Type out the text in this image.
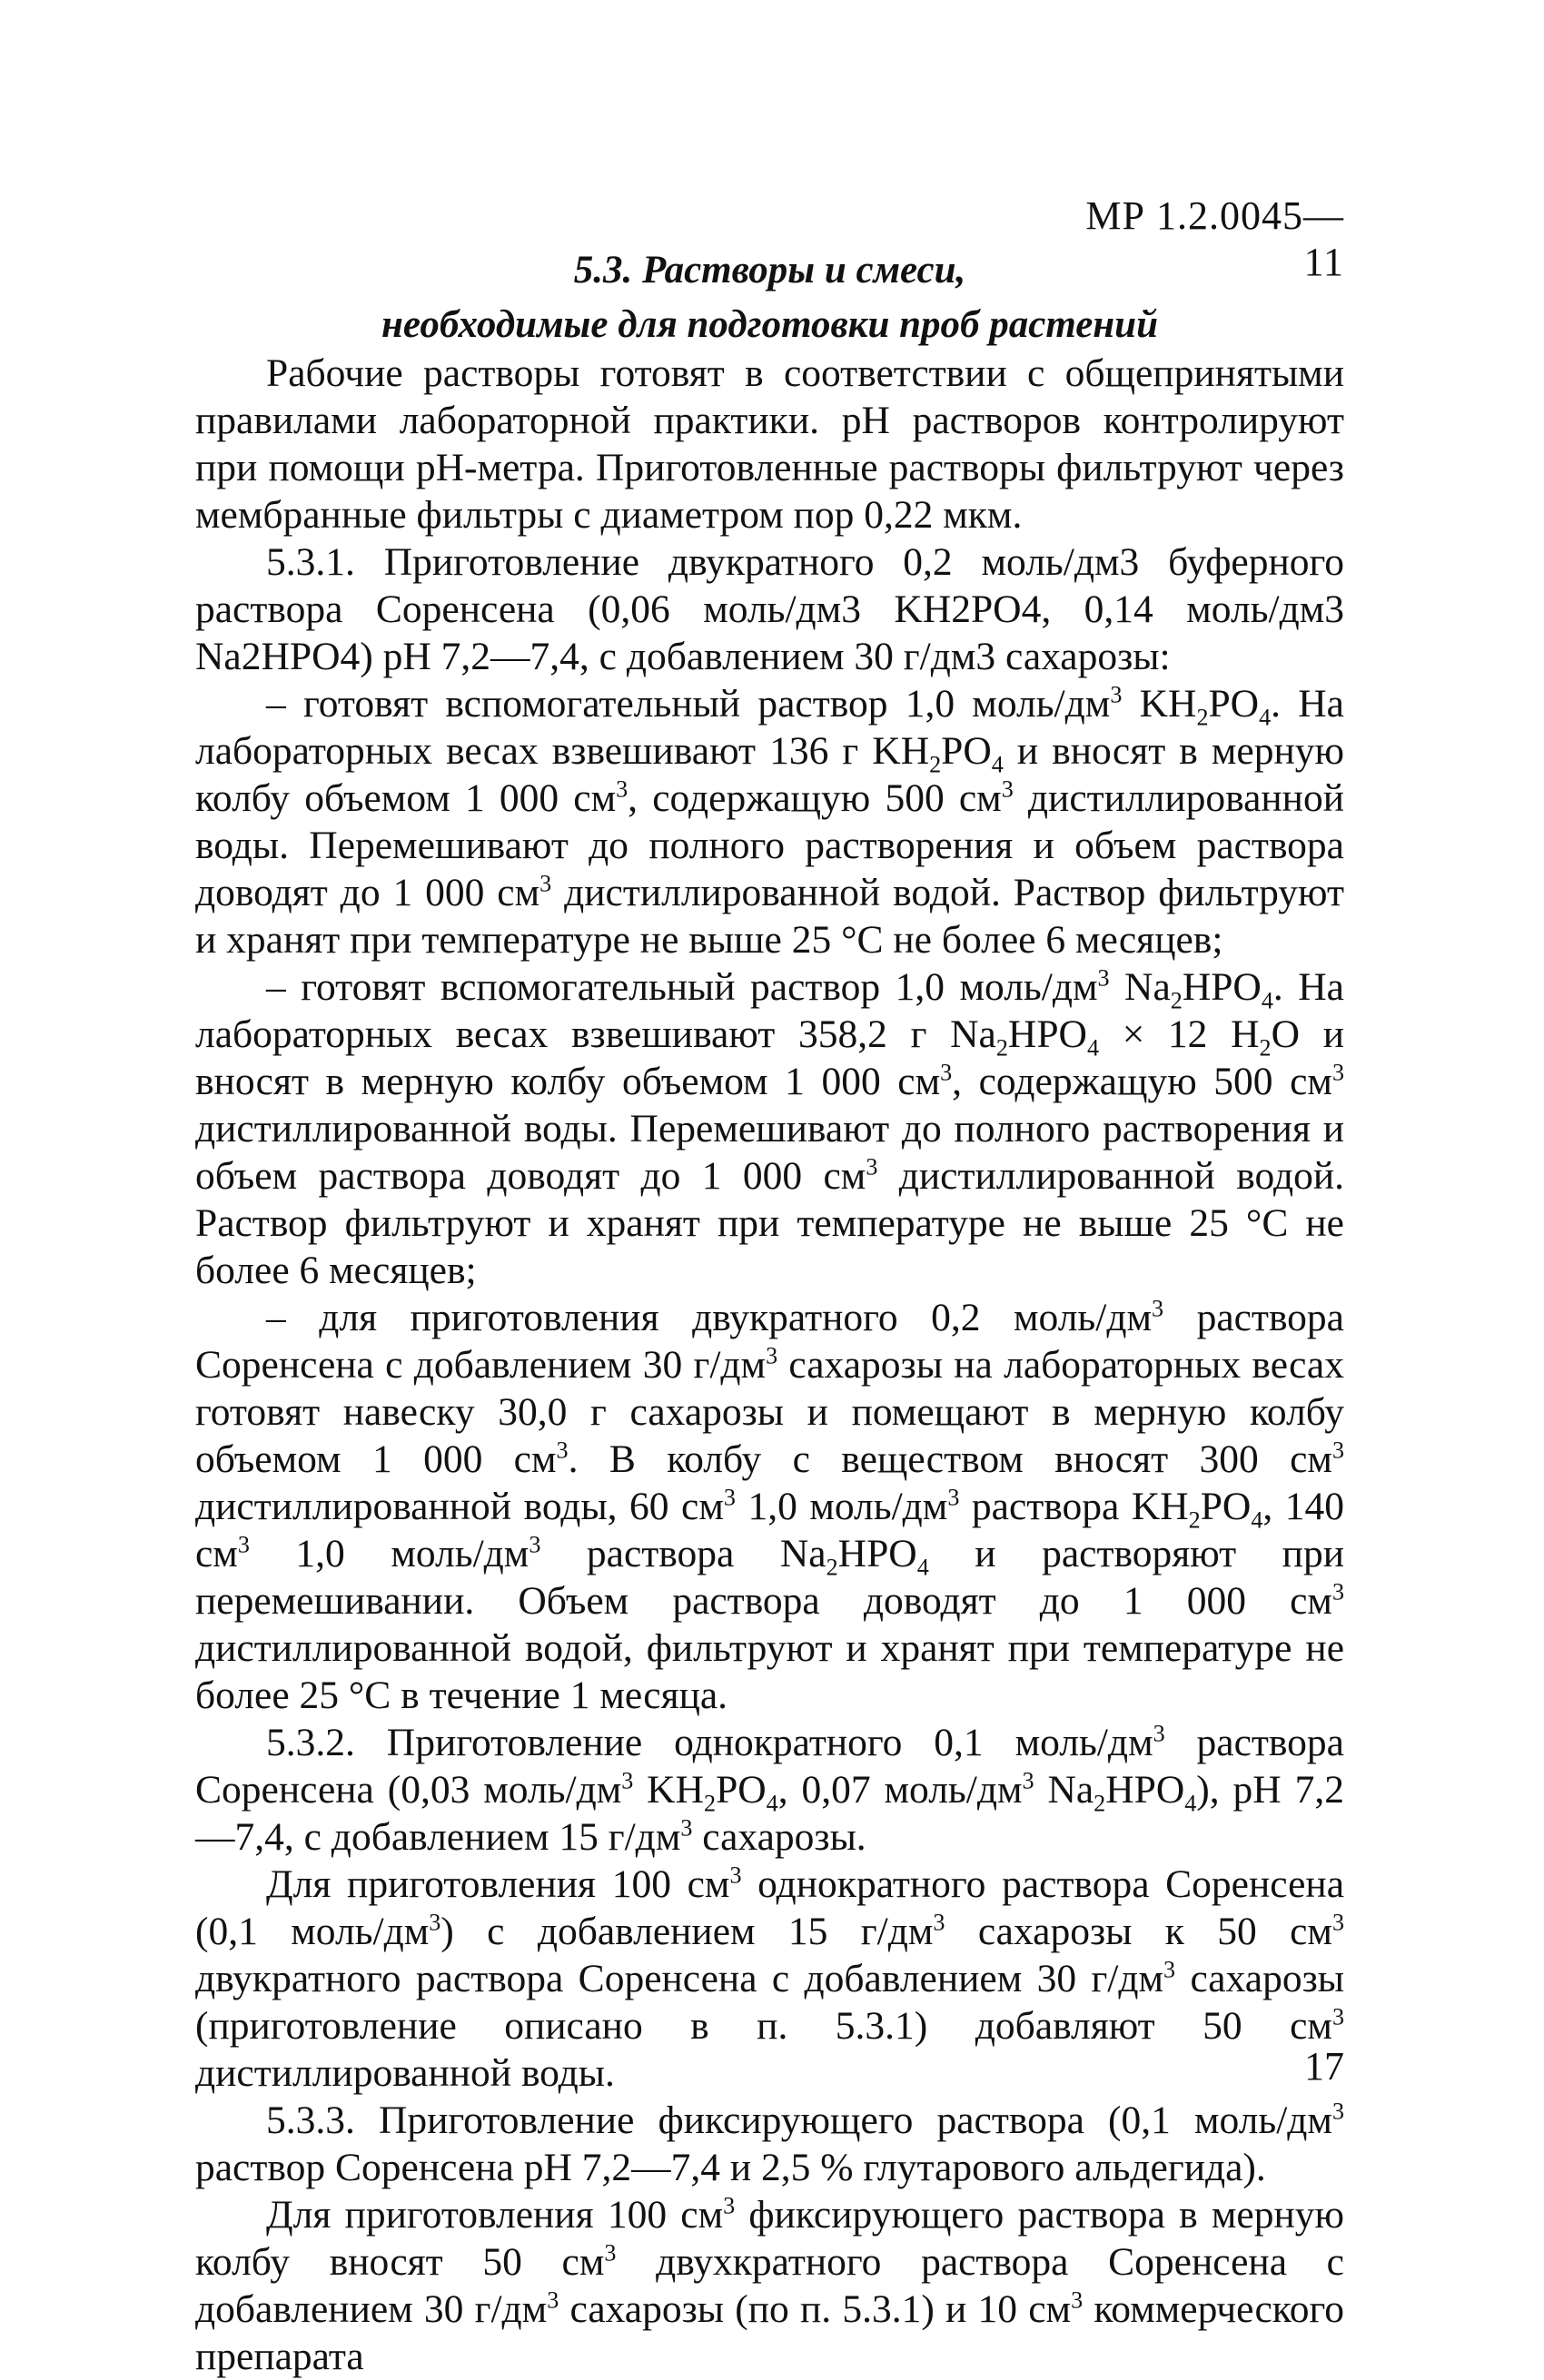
МР 1.2.0045—11
5.3. Растворы и смеси,
необходимые для подготовки проб растений

Рабочие растворы готовят в соответствии с общепринятыми правилами лабораторной практики. рН растворов контролируют при помощи рН-метра. Приготовленные растворы фильтруют через мембранные фильтры с диаметром пор 0,22 мкм.

5.3.1. Приготовление двукратного 0,2 моль/дм3 буферного раствора Соренсена (0,06 моль/дм3 KH2PO4, 0,14 моль/дм3 Na2HPO4) рН 7,2—7,4, с добавлением 30 г/дм3 сахарозы:

– готовят вспомогательный раствор 1,0 моль/$дм^3$ $KH_2PO_4$. На лабораторных весах взвешивают 136 г $KH_2PO_4$ и вносят в мерную колбу объемом 1 000 $см^3$, содержащую 500 $см^3$ дистиллированной воды. Перемешивают до полного растворения и объем раствора доводят до 1 000 $см^3$ дистиллированной водой. Раствор фильтруют и хранят при температуре не выше 25 °С не более 6 месяцев;

– готовят вспомогательный раствор 1,0 моль/$дм^3$ $Na_2HPO_4$. На лабораторных весах взвешивают 358,2 г $Na_2HPO_4 \times 12$ $H_2O$ и вносят в мерную колбу объемом 1 000 $см^3$, содержащую 500 $см^3$ дистиллированной воды. Перемешивают до полного растворения и объем раствора доводят до 1 000 $см^3$ дистиллированной водой. Раствор фильтруют и хранят при температуре не выше 25 °С не более 6 месяцев;

– для приготовления двукратного 0,2 моль/$дм^3$ раствора Соренсена с добавлением 30 $г/дм^3$ сахарозы на лабораторных весах готовят навеску 30,0 г сахарозы и помещают в мерную колбу объемом 1 000 $см^3$. В колбу с веществом вносят 300 $см^3$ дистиллированной воды, 60 $см^3$ 1,0 моль/$дм^3$ раствора $KH_2PO_4$, 140 $см^3$ 1,0 моль/$дм^3$ раствора $Na_2HPO_4$ и растворяют при перемешивании. Объем раствора доводят до 1 000 $см^3$ дистиллированной водой, фильтруют и хранят при температуре не более 25 °С в течение 1 месяца.

5.3.2. Приготовление однократного 0,1 моль/$дм^3$ раствора Соренсена (0,03 моль/$дм^3$ $KH_2PO_4$, 0,07 моль/$дм^3$ $Na_2HPO_4$), рН 7,2—7,4, с добавлением 15 $г/дм^3$ сахарозы.

Для приготовления 100 $см^3$ однократного раствора Соренсена (0,1 моль/$дм^3$) с добавлением 15 $г/дм^3$ сахарозы к 50 $см^3$ двукратного раствора Соренсена с добавлением 30 $г/дм^3$ сахарозы (приготовление описано в п. 5.3.1) добавляют 50 $см^3$ дистиллированной воды.

5.3.3. Приготовление фиксирующего раствора (0,1 моль/$дм^3$ раствор Соренсена рН 7,2—7,4 и 2,5 % глутарового альдегида).

Для приготовления 100 $см^3$ фиксирующего раствора в мерную колбу вносят 50 $см^3$ двухкратного раствора Соренсена с добавлением 30 $г/дм^3$ сахарозы (по п. 5.3.1) и 10 $см^3$ коммерческого препарата

17
